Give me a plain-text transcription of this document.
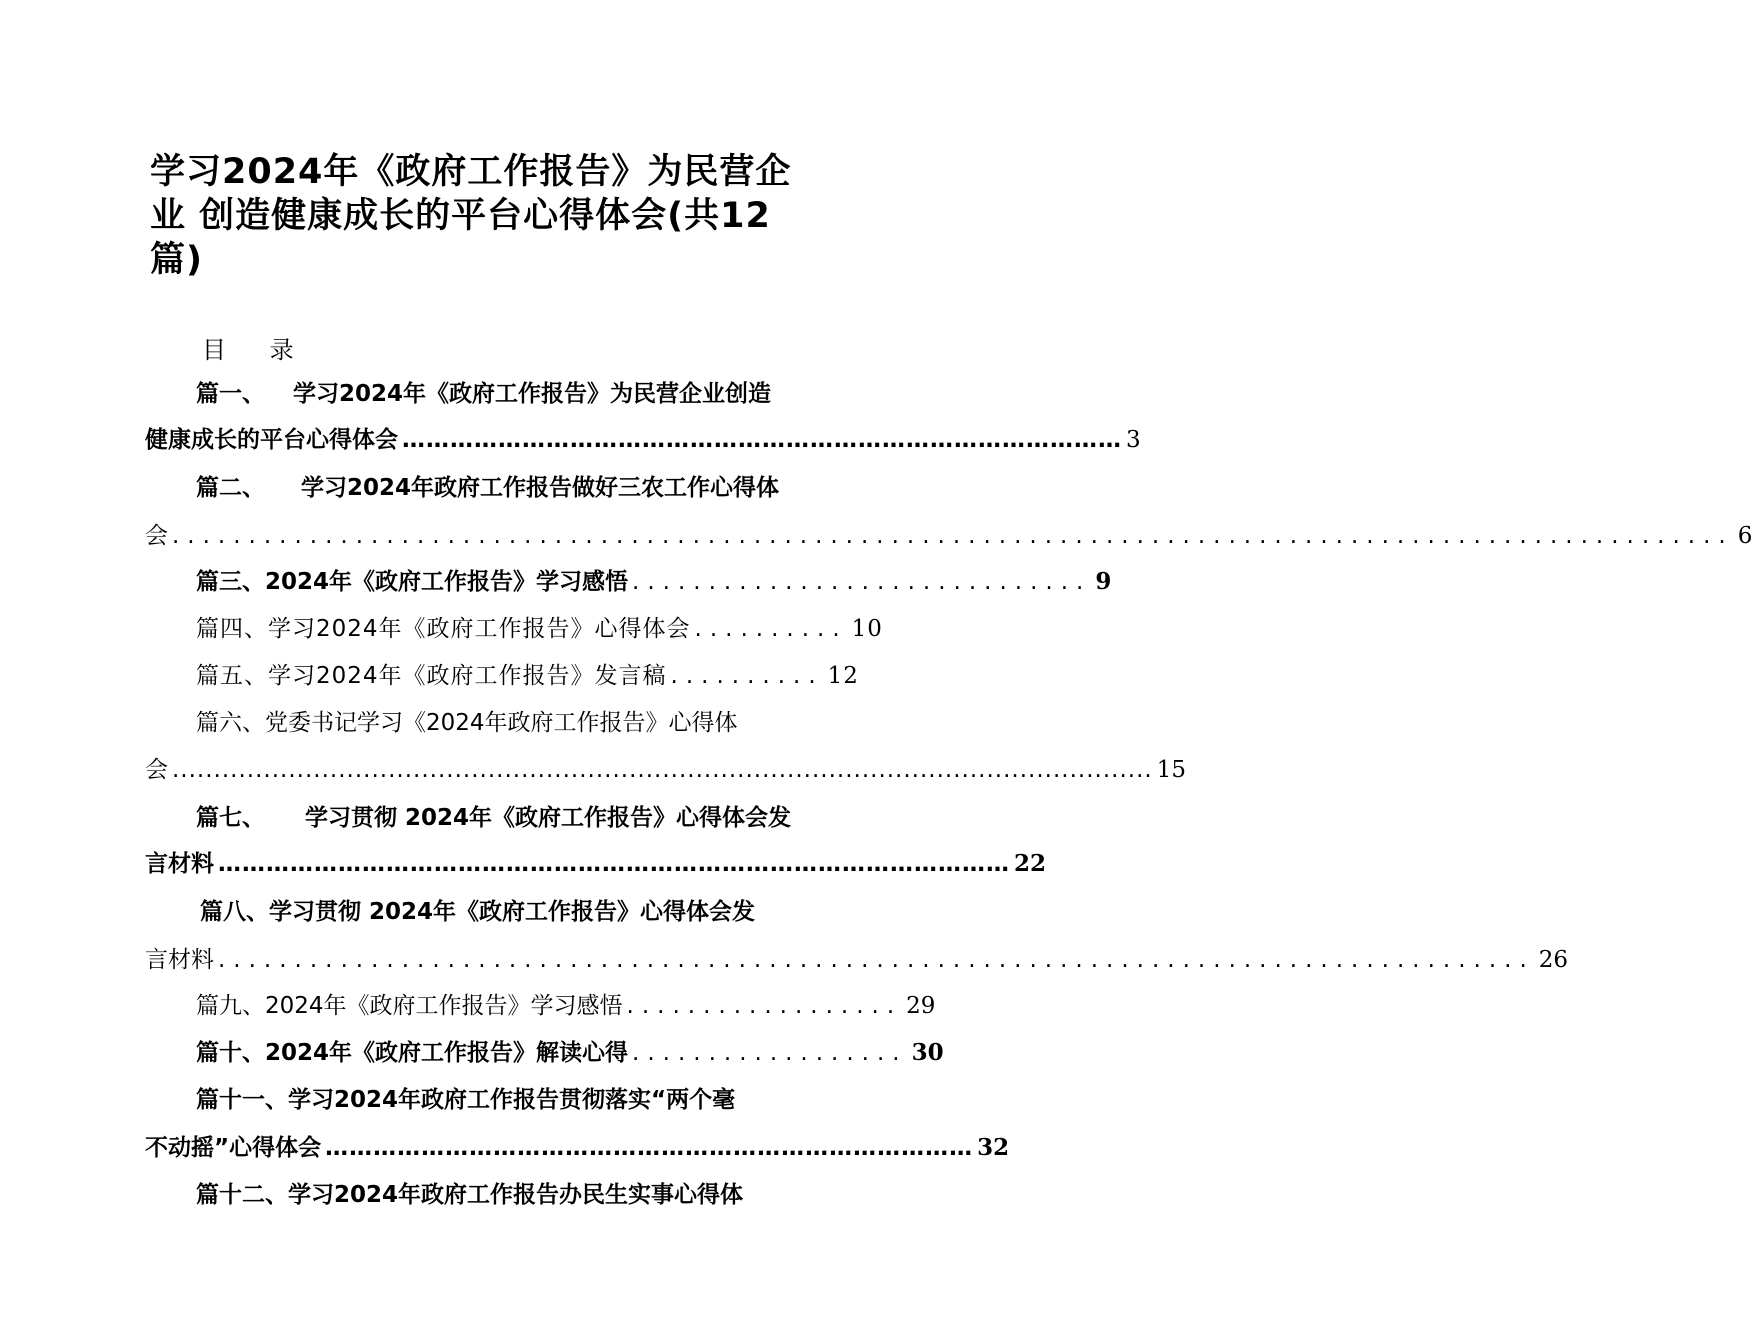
学习2024年《政府工作报告》为民营企
业 创造健康成长的平台心得体会(共12
篇)
目 录
篇一、 学习2024年《政府工作报告》为民营企业创造
健康成长的平台心得体会 ……………………………………………………………………………… 3
篇二、 学习2024年政府工作报告做好三农工作心得体
会 ...................................................................................................... 6
篇三、 2024年《政府工作报告》学习感悟 .............................. 9
篇四、 学习2024年《政府工作报告》心得体会 .......... 10
篇五、 学习2024年《政府工作报告》发言稿 .......... 12
篇六、 党委书记学习《2024年政府工作报告》心得体
会 ...................................................................................................................... 15
篇七、 学习贯彻 2024年《政府工作报告》心得体会发
言材料 ……………………………………………………………………………………… 22
篇八、 学习贯彻 2024年《政府工作报告》心得体会发
言材料 ...................................................................................... 26
篇九、 2024年《政府工作报告》学习感悟 .................. 29
篇十、 2024年《政府工作报告》解读心得 .................. 30
篇十一、 学习2024年政府工作报告贯彻落实“两个毫
不动摇”心得体会 ……………………………………………………………………… 32
篇十二、 学习2024年政府工作报告办民生实事心得体
